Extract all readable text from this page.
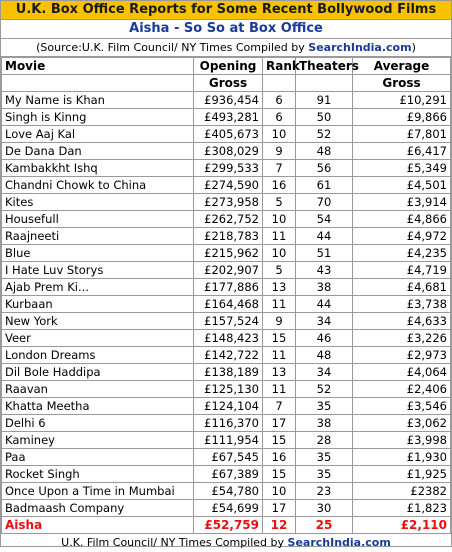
U.K. Box Office Reports for Some Recent Bollywood Films
Aisha - So So at Box Office
(Source:U.K. Film Council/ NY Times Compiled by SearchIndia.com)
Movie	Opening	Rank	Theaters	Average
	Gross			Gross
My Name is Khan	£936,454	6	91	£10,291
Singh is Kinng	£493,281	6	50	£9,866
Love Aaj Kal	£405,673	10	52	£7,801
De Dana Dan	£308,029	9	48	£6,417
Kambakkht Ishq	£299,533	7	56	£5,349
Chandni Chowk to China	£274,590	16	61	£4,501
Kites	£273,958	5	70	£3,914
Housefull	£262,752	10	54	£4,866
Raajneeti	£218,783	11	44	£4,972
Blue	£215,962	10	51	£4,235
I Hate Luv Storys	£202,907	5	43	£4,719
Ajab Prem Ki...	£177,886	13	38	£4,681
Kurbaan	£164,468	11	44	£3,738
New York	£157,524	9	34	£4,633
Veer	£148,423	15	46	£3,226
London Dreams	£142,722	11	48	£2,973
Dil Bole Haddipa	£138,189	13	34	£4,064
Raavan	£125,130	11	52	£2,406
Khatta Meetha	£124,104	7	35	£3,546
Delhi 6	£116,370	17	38	£3,062
Kaminey	£111,954	15	28	£3,998
Paa	£67,545	16	35	£1,930
Rocket Singh	£67,389	15	35	£1,925
Once Upon a Time in Mumbai	£54,780	10	23	£2382
Badmaash Company	£54,699	17	30	£1,823
Aisha	£52,759	12	25	£2,110
U.K. Film Council/ NY Times Compiled by SearchIndia.com
